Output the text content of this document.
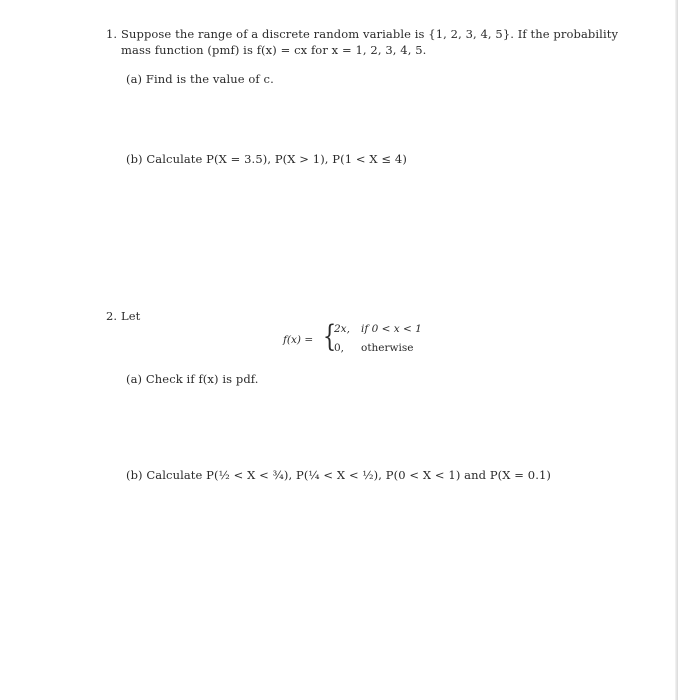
1. Suppose the range of a discrete random variable is {1, 2, 3, 4, 5}. If the probability
mass function (pmf) is f(x) = cx for x = 1, 2, 3, 4, 5.
(a) Find is the value of c.
(b) Calculate P(X = 3.5), P(X > 1), P(1 < X ≤ 4)
2. Let
f(x) = {
2x, if 0 < x < 1
0, otherwise
(a) Check if f(x) is pdf.
(b) Calculate P(½ < X < ¾), P(¼ < X < ½), P(0 < X < 1) and P(X = 0.1)
